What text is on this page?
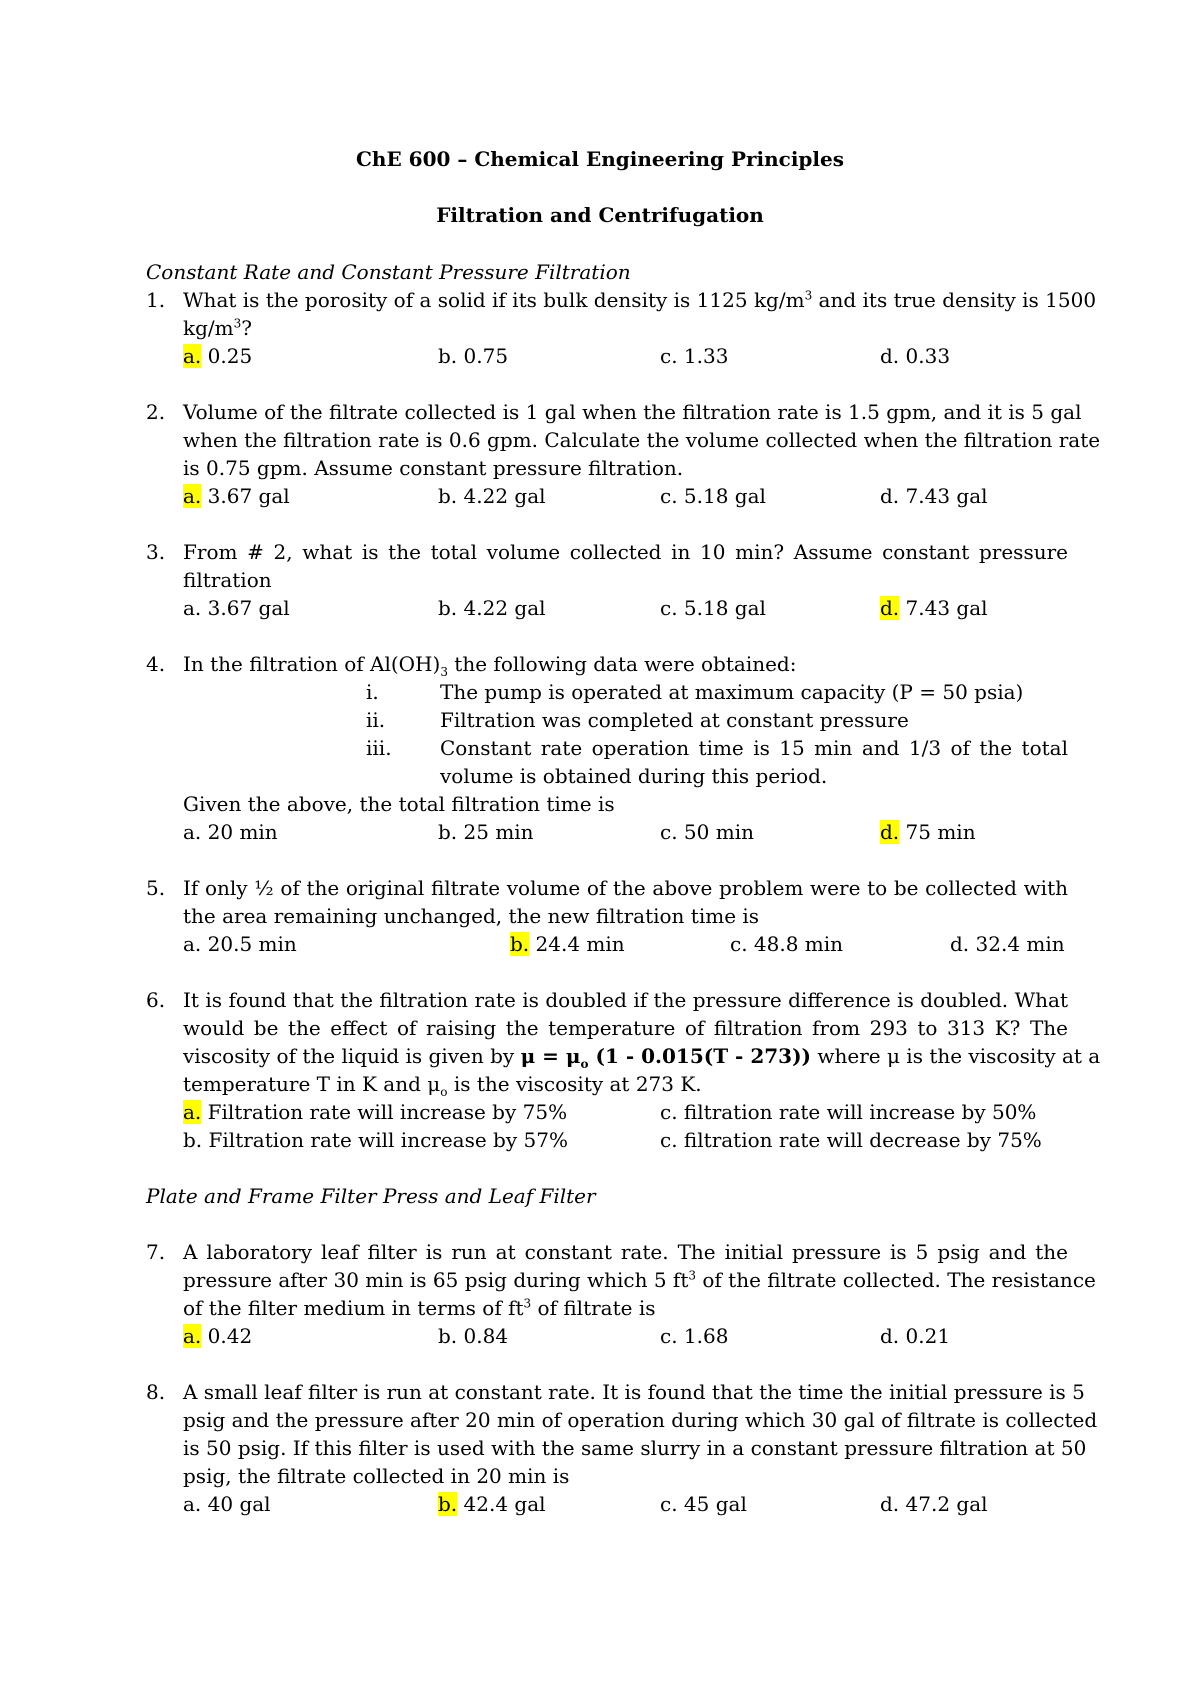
ChE 600 – Chemical Engineering Principles
Filtration and Centrifugation
Constant Rate and Constant Pressure Filtration
1. What is the porosity of a solid if its bulk density is 1125 $kg/m^3$ and its true density is 1500
$kg/m^3$?
a. 0.25	b. 0.75	c. 1.33	d. 0.33
2. Volume of the filtrate collected is 1 gal when the filtration rate is 1.5 gpm, and it is 5 gal
when the filtration rate is 0.6 gpm. Calculate the volume collected when the filtration rate
is 0.75 gpm. Assume constant pressure filtration.
a. 3.67 gal	b. 4.22 gal	c. 5.18 gal	d. 7.43 gal
3. From # 2, what is the total volume collected in 10 min? Assume constant pressure
filtration
a. 3.67 gal	b. 4.22 gal	c. 5.18 gal	d. 7.43 gal
4. In the filtration of $Al(OH)_3$ the following data were obtained:
i.	The pump is operated at maximum capacity (P = 50 psia)
ii.	Filtration was completed at constant pressure
iii. Constant rate operation time is 15 min and 1/3 of the total
volume is obtained during this period.
Given the above, the total filtration time is
a. 20 min	b. 25 min	c. 50 min	d. 75 min
5. If only ½ of the original filtrate volume of the above problem were to be collected with
the area remaining unchanged, the new filtration time is
a. 20.5 min	b. 24.4 min	c. 48.8 min	d. 32.4 min
6. It is found that the filtration rate is doubled if the pressure difference is doubled. What
would be the effect of raising the temperature of filtration from 293 to 313 K? The
viscosity of the liquid is given by $\mu = \mu_o$ (1 - 0.015(T - 273)) where μ is the viscosity at a
temperature T in K and $\mu_o$ is the viscosity at 273 K.
a. Filtration rate will increase by 75%	c. filtration rate will increase by 50%
b. Filtration rate will increase by 57%	c. filtration rate will decrease by 75%
Plate and Frame Filter Press and Leaf Filter
7. A laboratory leaf filter is run at constant rate. The initial pressure is 5 psig and the
pressure after 30 min is 65 psig during which 5 $ft^3$ of the filtrate collected. The resistance
of the filter medium in terms of $ft^3$ of filtrate is
a. 0.42	b. 0.84	c. 1.68	d. 0.21
8. A small leaf filter is run at constant rate. It is found that the time the initial pressure is 5
psig and the pressure after 20 min of operation during which 30 gal of filtrate is collected
is 50 psig. If this filter is used with the same slurry in a constant pressure filtration at 50
psig, the filtrate collected in 20 min is
a. 40 gal	b. 42.4 gal	c. 45 gal	d. 47.2 gal
